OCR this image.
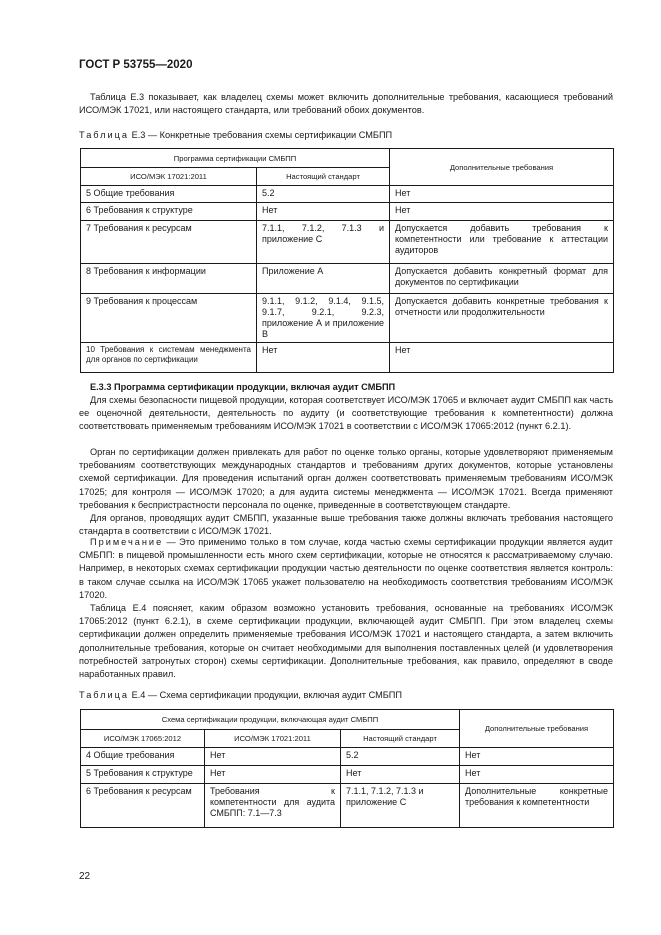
ГОСТ Р 53755—2020
Таблица Е.3 показывает, как владелец схемы может включить дополнительные требования, касающиеся требований ИСО/МЭК 17021, или настоящего стандарта, или требований обоих документов.
Таблица Е.3 — Конкретные требования схемы сертификации СМБПП
Программа сертификации СМБПП		Дополнительные требования
ИСО/МЭК 17021:2011	Настоящий стандарт	
5 Общие требования	5.2	Нет
6 Требования к структуре	Нет	Нет
7 Требования к ресурсам	7.1.1, 7.1.2, 7.1.3 и приложение С	Допускается добавить требования к компетентности или требование к аттестации аудиторов
8 Требования к информации	Приложение А	Допускается добавить конкретный формат для документов по сертификации
9 Требования к процессам	9.1.1, 9.1.2, 9.1.4, 9.1.5, 9.1.7, 9.2.1, 9.2.3, приложение А и приложение В	Допускается добавить конкретные требования к отчетности или продолжительности
10 Требования к системам менеджмента для органов по сертификации	Нет	Нет
Е.3.3 Программа сертификации продукции, включая аудит СМБПП
Для схемы безопасности пищевой продукции, которая соответствует ИСО/МЭК 17065 и включает аудит СМБПП как часть ее оценочной деятельности, деятельность по аудиту (и соответствующие требования к компетентности) должна соответствовать применяемым требованиям ИСО/МЭК 17021 в соответствии с ИСО/МЭК 17065:2012 (пункт 6.2.1).
Орган по сертификации должен привлекать для работ по оценке только органы, которые удовлетворяют применяемым требованиям соответствующих международных стандартов и требованиям других документов, которые установлены схемой сертификации. Для проведения испытаний орган должен соответствовать применяемым требованиям ИСО/МЭК 17025; для контроля — ИСО/МЭК 17020; а для аудита системы менеджмента — ИСО/МЭК 17021. Всегда применяют требования к беспристрастности персонала по оценке, приведенные в соответствующем стандарте.
Для органов, проводящих аудит СМБПП, указанные выше требования также должны включать требования настоящего стандарта в соответствии с ИСО/МЭК 17021.
Примечание — Это применимо только в том случае, когда частью схемы сертификации продукции является аудит СМБПП: в пищевой промышленности есть много схем сертификации, которые не относятся к рассматриваемому случаю. Например, в некоторых схемах сертификации продукции частью деятельности по оценке соответствия является контроль: в таком случае ссылка на ИСО/МЭК 17065 укажет пользователю на необходимость соответствия требованиям ИСО/МЭК 17020.
Таблица Е.4 поясняет, каким образом возможно установить требования, основанные на требованиях ИСО/МЭК 17065:2012 (пункт 6.2.1), в схеме сертификации продукции, включающей аудит СМБПП. При этом владелец схемы сертификации должен определить применяемые требования ИСО/МЭК 17021 и настоящего стандарта, а затем включить дополнительные требования, которые он считает необходимыми для выполнения поставленных целей (и удовлетворения потребностей затронутых сторон) схемы сертификации. Дополнительные требования, как правило, определяют в своде наработанных правил.
Таблица Е.4 — Схема сертификации продукции, включая аудит СМБПП
Схема сертификации продукции, включающая аудит СМБПП			Дополнительные требования
ИСО/МЭК 17065:2012	ИСО/МЭК 17021:2011	Настоящий стандарт	
4 Общие требования	Нет	5.2	Нет
5 Требования к структуре	Нет	Нет	Нет
6 Требования к ресурсам	Требования к компетентности для аудита СМБПП: 7.1—7.3	7.1.1, 7.1.2, 7.1.3 и приложение С	Дополнительные конкретные требования к компетентности
22
